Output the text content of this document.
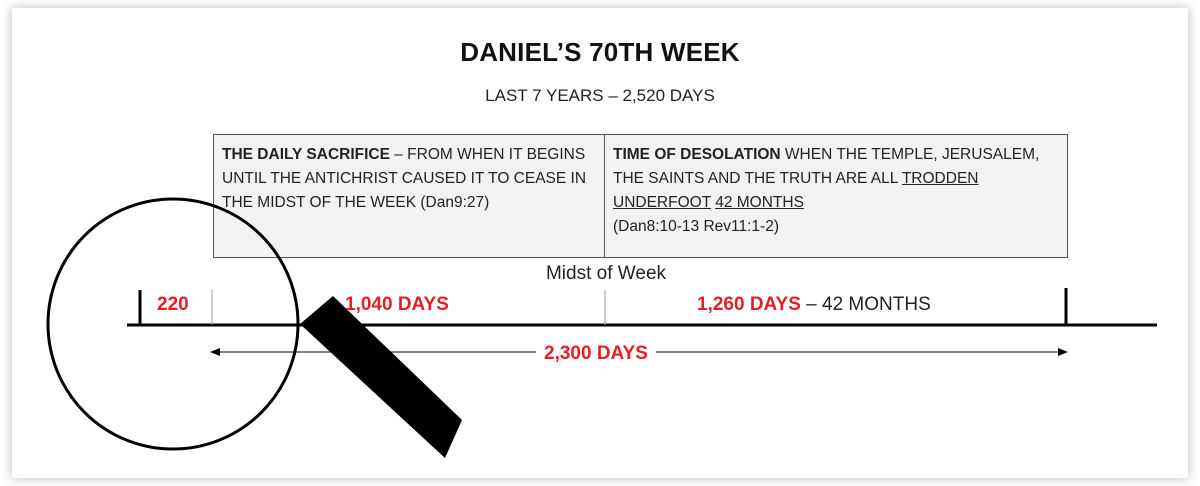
DANIEL’S 70TH WEEK
LAST 7 YEARS – 2,520 DAYS
THE DAILY SACRIFICE – FROM WHEN IT BEGINS UNTIL THE ANTICHRIST CAUSED IT TO CEASE IN THE MIDST OF THE WEEK (Dan9:27)
TIME OF DESOLATION WHEN THE TEMPLE, JERUSALEM, THE SAINTS AND THE TRUTH ARE ALL TRODDEN UNDERFOOT 42 MONTHS
(Dan8:10-13 Rev11:1-2)
Midst of Week
220	1,040 DAYS	1,260 DAYS – 42 MONTHS
2,300 DAYS
